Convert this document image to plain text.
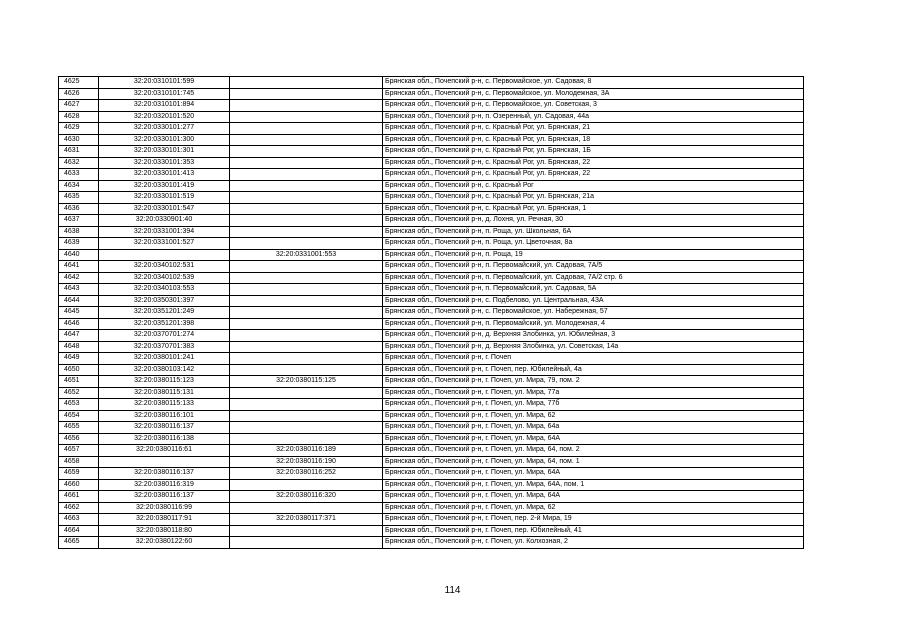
4625	32:20:0310101:599		Брянская обл., Почепский р-н, с. Первомайское, ул. Садовая, 8
4626	32:20:0310101:745		Брянская обл., Почепский р-н, с. Первомайское, ул. Молодежная, 3А
4627	32:20:0310101:894		Брянская обл., Почепский р-н, с. Первомайское, ул. Советская, 3
4628	32:20:0320101:520		Брянская обл., Почепский р-н, п. Озеренный, ул. Садовая, 44а
4629	32:20:0330101:277		Брянская обл., Почепский р-н, с. Красный Рог, ул. Брянская, 21
4630	32:20:0330101:300		Брянская обл., Почепский р-н, с. Красный Рог, ул. Брянская, 18
4631	32:20:0330101:301		Брянская обл., Почепский р-н, с. Красный Рог, ул. Брянская, 1Б
4632	32:20:0330101:353		Брянская обл., Почепский р-н, с. Красный Рог, ул. Брянская, 22
4633	32:20:0330101:413		Брянская обл., Почепский р-н, с. Красный Рог, ул. Брянская, 22
4634	32:20:0330101:419		Брянская обл., Почепский р-н, с. Красный Рог
4635	32:20:0330101:519		Брянская обл., Почепский р-н, с. Красный Рог, ул. Брянская, 21а
4636	32:20:0330101:547		Брянская обл., Почепский р-н, с. Красный Рог, ул. Брянская, 1
4637	32:20:0330901:40		Брянская обл., Почепский р-н, д. Лохня, ул. Речная, 30
4638	32:20:0331001:394		Брянская обл., Почепский р-н, п. Роща, ул. Школьная, 6А
4639	32:20:0331001:527		Брянская обл., Почепский р-н, п. Роща, ул. Цветочная, 8а
4640		32:20:0331001:553	Брянская обл., Почепский р-н, п. Роща, 19
4641	32:20:0340102:531		Брянская обл., Почепский р-н, п. Первомайский, ул. Садовая, 7А/5
4642	32:20:0340102:539		Брянская обл., Почепский р-н, п. Первомайский, ул. Садовая, 7А/2 стр. 6
4643	32:20:0340103:553		Брянская обл., Почепский р-н, п. Первомайский, ул. Садовая, 5А
4644	32:20:0350301:397		Брянская обл., Почепский р-н, с. Подбелово, ул. Центральная, 43А
4645	32:20:0351201:249		Брянская обл., Почепский р-н, с. Первомайское, ул. Набережная, 57
4646	32:20:0351201:398		Брянская обл., Почепский р-н, п. Первомайский, ул. Молодежная, 4
4647	32:20:0370701:274		Брянская обл., Почепский р-н, д. Верхняя Злобинка, ул. Юбилейная, 3
4648	32:20:0370701:383		Брянская обл., Почепский р-н, д. Верхняя Злобинка, ул. Советская, 14а
4649	32:20:0380101:241		Брянская обл., Почепский р-н, г. Почеп
4650	32:20:0380103:142		Брянская обл., Почепский р-н, г. Почеп, пер. Юбилейный, 4а
4651	32:20:0380115:123	32:20:0380115:125	Брянская обл., Почепский р-н, г. Почеп, ул. Мира, 79, пом. 2
4652	32:20:0380115:131		Брянская обл., Почепский р-н, г. Почеп, ул. Мира, 77а
4653	32:20:0380115:133		Брянская обл., Почепский р-н, г. Почеп, ул. Мира, 77б
4654	32:20:0380116:101		Брянская обл., Почепский р-н, г. Почеп, ул. Мира, 62
4655	32:20:0380116:137		Брянская обл., Почепский р-н, г. Почеп, ул. Мира, 64а
4656	32:20:0380116:138		Брянская обл., Почепский р-н, г. Почеп, ул. Мира, 64А
4657	32:20:0380116:61	32:20:0380116:189	Брянская обл., Почепский р-н, г. Почеп, ул. Мира, 64, пом. 2
4658		32:20:0380116:190	Брянская обл., Почепский р-н, г. Почеп, ул. Мира, 64, пом. 1
4659	32:20:0380116:137	32:20:0380116:252	Брянская обл., Почепский р-н, г. Почеп, ул. Мира, 64А
4660	32:20:0380116:319		Брянская обл., Почепский р-н, г. Почеп, ул. Мира, 64А, пом. 1
4661	32:20:0380116:137	32:20:0380116:320	Брянская обл., Почепский р-н, г. Почеп, ул. Мира, 64А
4662	32:20:0380116:99		Брянская обл., Почепский р-н, г. Почеп, ул. Мира, 62
4663	32:20:0380117:91	32:20:0380117:371	Брянская обл., Почепский р-н, г. Почеп, пер. 2-й Мира, 19
4664	32:20:0380118:80		Брянская обл., Почепский р-н, г. Почеп, пер. Юбилейный, 41
4665	32:20:0380122:60		Брянская обл., Почепский р-н, г. Почеп, ул. Колхозная, 2
114
